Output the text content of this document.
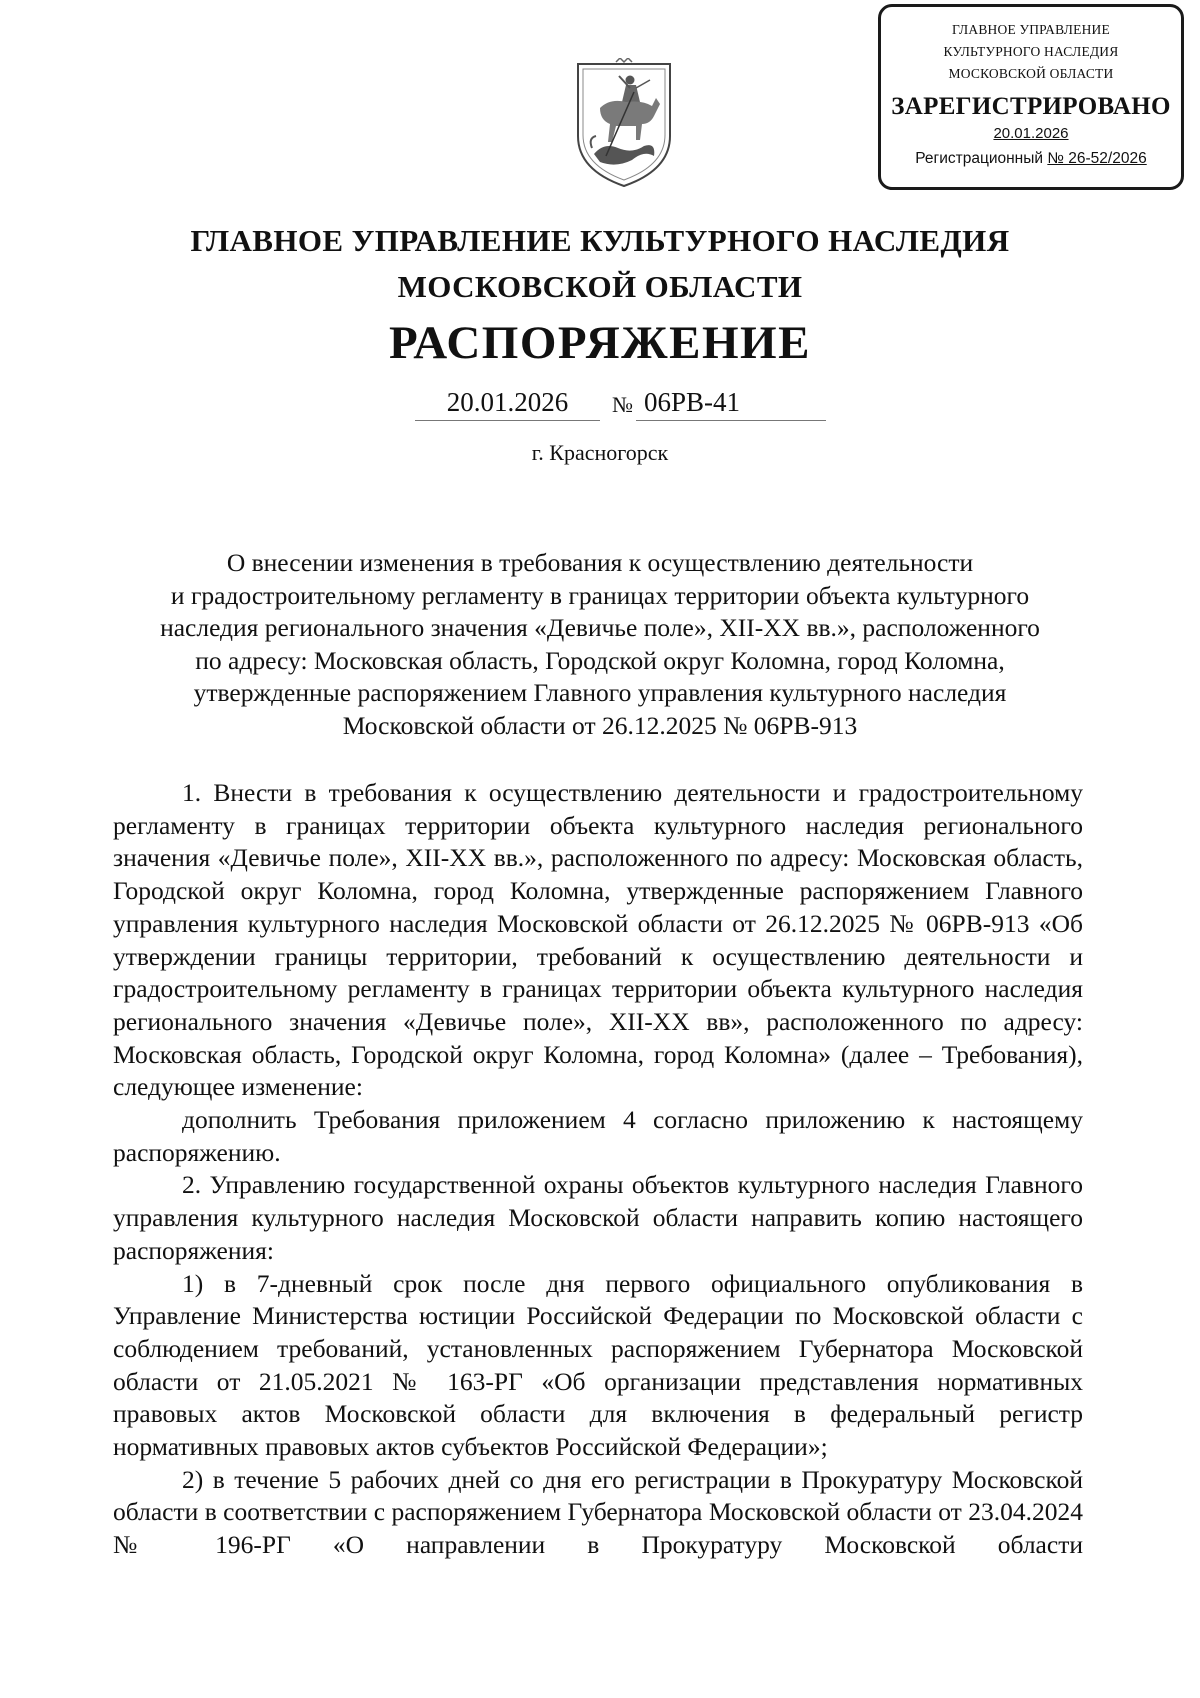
ГЛАВНОЕ УПРАВЛЕНИЕ
КУЛЬТУРНОГО НАСЛЕДИЯ
МОСКОВСКОЙ ОБЛАСТИ
ЗАРЕГИСТРИРОВАНО
20.01.2026
Регистрационный № 26-52/2026
ГЛАВНОЕ УПРАВЛЕНИЕ КУЛЬТУРНОГО НАСЛЕДИЯ
МОСКОВСКОЙ ОБЛАСТИ
РАСПОРЯЖЕНИЕ
20.01.2026	№ 06РВ-41
г. Красногорск
О внесении изменения в требования к осуществлению деятельности
и градостроительному регламенту в границах территории объекта культурного
наследия регионального значения «Девичье поле», XII-XX вв.», расположенного
по адресу: Московская область, Городской округ Коломна, город Коломна,
утвержденные распоряжением Главного управления культурного наследия
Московской области от 26.12.2025 № 06РВ-913

1. Внести в требования к осуществлению деятельности и градостроительному регламенту в границах территории объекта культурного наследия регионального значения «Девичье поле», XII-XX вв.», расположенного по адресу: Московская область, Городской округ Коломна, город Коломна, утвержденные распоряжением Главного управления культурного наследия Московской области от 26.12.2025 № 06РВ-913 «Об утверждении границы территории, требований к осуществлению деятельности и градостроительному регламенту в границах территории объекта культурного наследия регионального значения «Девичье поле», XII-XX вв», расположенного по адресу: Московская область, Городской округ Коломна, город Коломна» (далее – Требования), следующее изменение:

дополнить Требования приложением 4 согласно приложению к настоящему распоряжению.

2. Управлению государственной охраны объектов культурного наследия Главного управления культурного наследия Московской области направить копию настоящего распоряжения:

1) в 7-дневный срок после дня первого официального опубликования в Управление Министерства юстиции Российской Федерации по Московской области с соблюдением требований, установленных распоряжением Губернатора Московской области от 21.05.2021 № 163-РГ «Об организации представления нормативных правовых актов Московской области для включения в федеральный регистр нормативных правовых актов субъектов Российской Федерации»;

2) в течение 5 рабочих дней со дня его регистрации в Прокуратуру Московской области в соответствии с распоряжением Губернатора Московской области от 23.04.2024 № 196-РГ «О направлении в Прокуратуру Московской области
